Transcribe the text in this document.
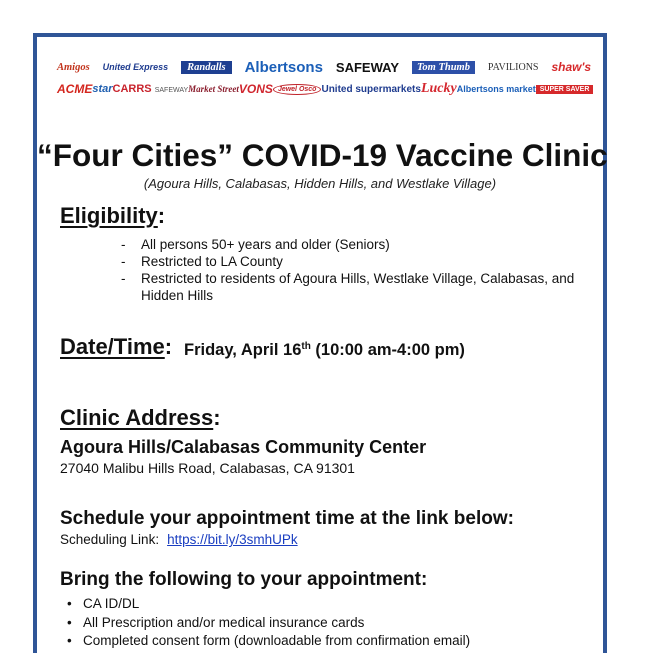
Amigos United Express	Randalls	Albertsons SAFEWAY	Tom Thumb	PAVILIONS shaw's
ACME star CARRS SAFEWAY Market Street VONS Jewel Osco United supermarkets Lucky Albertsons market SUPER SAVER
“Four Cities” COVID-19 Vaccine Clinic
(Agoura Hills, Calabasas, Hidden Hills, and Westlake Village)
Eligibility:
- All persons 50+ years and older (Seniors)
- Restricted to LA County
- Restricted to residents of Agoura Hills, Westlake Village, Calabasas, and Hidden Hills
Date/Time: Friday, April 16th (10:00 am-4:00 pm)
Clinic Address:
Agoura Hills/Calabasas Community Center
27040 Malibu Hills Road, Calabasas, CA 91301
Schedule your appointment time at the link below:
Scheduling Link: https://bit.ly/3smhUPk
Bring the following to your appointment:
• CA ID/DL
• All Prescription and/or medical insurance cards
• Completed consent form (downloadable from confirmation email)
